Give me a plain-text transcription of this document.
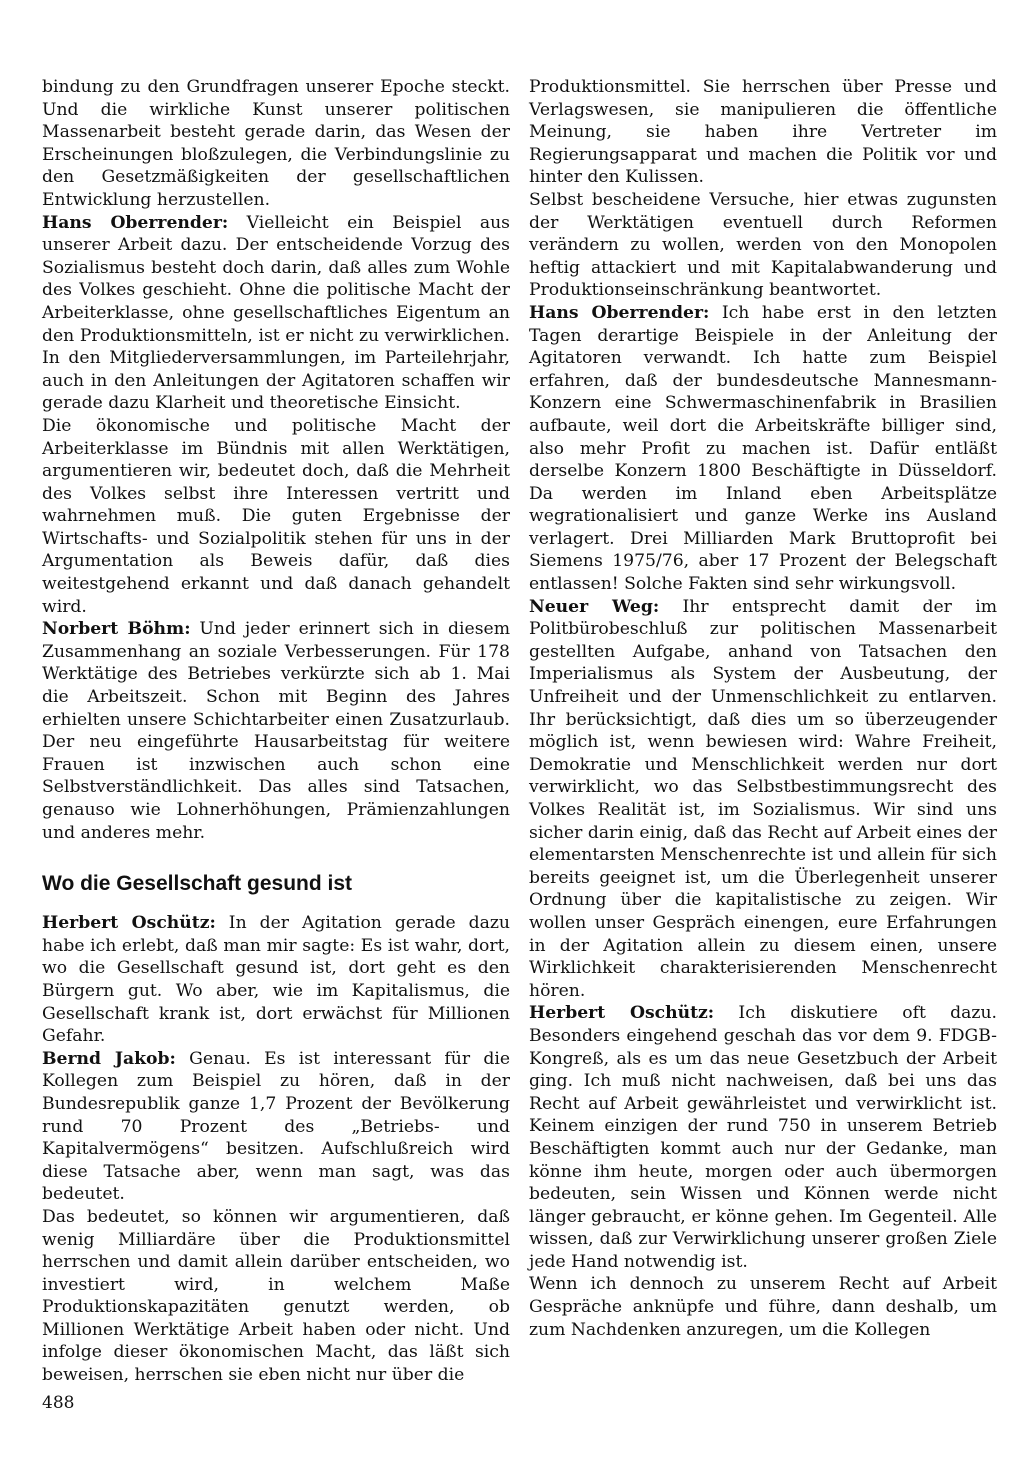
bindung zu den Grundfragen unserer Epoche steckt. Und die wirkliche Kunst unserer politischen Massenarbeit besteht gerade darin, das Wesen der Erscheinungen bloßzulegen, die Verbindungslinie zu den Gesetzmäßigkeiten der gesellschaftlichen Entwicklung herzustellen.

Hans Oberrender: Vielleicht ein Beispiel aus unserer Arbeit dazu. Der entscheidende Vorzug des Sozialismus besteht doch darin, daß alles zum Wohle des Volkes geschieht. Ohne die politische Macht der Arbeiterklasse, ohne gesellschaftliches Eigentum an den Produktionsmitteln, ist er nicht zu verwirklichen. In den Mitgliederversammlungen, im Parteilehrjahr, auch in den Anleitungen der Agitatoren schaffen wir gerade dazu Klarheit und theoretische Einsicht.

Die ökonomische und politische Macht der Arbeiterklasse im Bündnis mit allen Werktätigen, argumentieren wir, bedeutet doch, daß die Mehrheit des Volkes selbst ihre Interessen vertritt und wahrnehmen muß. Die guten Ergebnisse der Wirtschafts- und Sozialpolitik stehen für uns in der Argumentation als Beweis dafür, daß dies weitestgehend erkannt und daß danach gehandelt wird.

Norbert Böhm: Und jeder erinnert sich in diesem Zusammenhang an soziale Verbesserungen. Für 178 Werktätige des Betriebes verkürzte sich ab 1. Mai die Arbeitszeit. Schon mit Beginn des Jahres erhielten unsere Schichtarbeiter einen Zusatzurlaub. Der neu eingeführte Hausarbeitstag für weitere Frauen ist inzwischen auch schon eine Selbstverständlichkeit. Das alles sind Tatsachen, genauso wie Lohnerhöhungen, Prämienzahlungen und anderes mehr.

Wo die Gesellschaft gesund ist

Herbert Oschütz: In der Agitation gerade dazu habe ich erlebt, daß man mir sagte: Es ist wahr, dort, wo die Gesellschaft gesund ist, dort geht es den Bürgern gut. Wo aber, wie im Kapitalismus, die Gesellschaft krank ist, dort erwächst für Millionen Gefahr.

Bernd Jakob: Genau. Es ist interessant für die Kollegen zum Beispiel zu hören, daß in der Bundesrepublik ganze 1,7 Prozent der Bevölkerung rund 70 Prozent des „Betriebs- und Kapitalvermögens“ besitzen. Aufschlußreich wird diese Tatsache aber, wenn man sagt, was das bedeutet.

Das bedeutet, so können wir argumentieren, daß wenig Milliardäre über die Produktionsmittel herrschen und damit allein darüber entscheiden, wo investiert wird, in welchem Maße Produktionskapazitäten genutzt werden, ob Millionen Werktätige Arbeit haben oder nicht. Und infolge dieser ökonomischen Macht, das läßt sich beweisen, herrschen sie eben nicht nur über die

Produktionsmittel. Sie herrschen über Presse und Verlagswesen, sie manipulieren die öffentliche Meinung, sie haben ihre Vertreter im Regierungsapparat und machen die Politik vor und hinter den Kulissen.

Selbst bescheidene Versuche, hier etwas zugunsten der Werktätigen eventuell durch Reformen verändern zu wollen, werden von den Monopolen heftig attackiert und mit Kapitalabwanderung und Produktionseinschränkung beantwortet.

Hans Oberrender: Ich habe erst in den letzten Tagen derartige Beispiele in der Anleitung der Agitatoren verwandt. Ich hatte zum Beispiel erfahren, daß der bundesdeutsche Mannesmann-Konzern eine Schwermaschinenfabrik in Brasilien aufbaute, weil dort die Arbeitskräfte billiger sind, also mehr Profit zu machen ist. Dafür entläßt derselbe Konzern 1800 Beschäftigte in Düsseldorf. Da werden im Inland eben Arbeitsplätze wegrationalisiert und ganze Werke ins Ausland verlagert. Drei Milliarden Mark Bruttoprofit bei Siemens 1975/76, aber 17 Prozent der Belegschaft entlassen! Solche Fakten sind sehr wirkungsvoll.

Neuer Weg: Ihr entsprecht damit der im Politbürobeschluß zur politischen Massenarbeit gestellten Aufgabe, anhand von Tatsachen den Imperialismus als System der Ausbeutung, der Unfreiheit und der Unmenschlichkeit zu entlarven. Ihr berücksichtigt, daß dies um so überzeugender möglich ist, wenn bewiesen wird: Wahre Freiheit, Demokratie und Menschlichkeit werden nur dort verwirklicht, wo das Selbstbestimmungsrecht des Volkes Realität ist, im Sozialismus. Wir sind uns sicher darin einig, daß das Recht auf Arbeit eines der elementarsten Menschenrechte ist und allein für sich bereits geeignet ist, um die Überlegenheit unserer Ordnung über die kapitalistische zu zeigen. Wir wollen unser Gespräch einengen, eure Erfahrungen in der Agitation allein zu diesem einen, unsere Wirklichkeit charakterisierenden Menschenrecht hören.

Herbert Oschütz: Ich diskutiere oft dazu. Besonders eingehend geschah das vor dem 9. FDGB-Kongreß, als es um das neue Gesetzbuch der Arbeit ging. Ich muß nicht nachweisen, daß bei uns das Recht auf Arbeit gewährleistet und verwirklicht ist. Keinem einzigen der rund 750 in unserem Betrieb Beschäftigten kommt auch nur der Gedanke, man könne ihm heute, morgen oder auch übermorgen bedeuten, sein Wissen und Können werde nicht länger gebraucht, er könne gehen. Im Gegenteil. Alle wissen, daß zur Verwirklichung unserer großen Ziele jede Hand notwendig ist.

Wenn ich dennoch zu unserem Recht auf Arbeit Gespräche anknüpfe und führe, dann deshalb, um zum Nachdenken anzuregen, um die Kollegen

488
